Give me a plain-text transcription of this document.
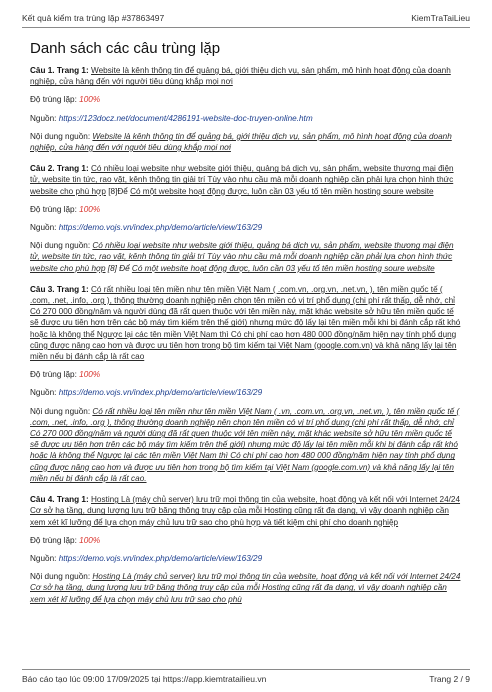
Kết quả kiểm tra trùng lặp #37863497	KiemTraTaiLieu
Danh sách các câu trùng lặp

Câu 1. Trang 1: Website là kênh thông tin để quảng bá, giới thiệu dịch vụ, sản phẩm, mô hình hoạt động của doanh nghiệp, cửa hàng đến với người tiêu dùng khắp mọi nơi

Độ trùng lặp: 100%

Nguồn: https://123docz.net/document/4286191-website-doc-truyen-online.htm

Nội dung nguồn: Website là kênh thông tin để quảng bá, giới thiệu dịch vụ, sản phẩm, mô hình hoạt động của doanh nghiệp, cửa hàng đến với người tiêu dùng khắp mọi nơi

Câu 2. Trang 1: Có nhiều loại website như website giới thiệu, quảng bá dịch vụ, sản phẩm, website thương mại điện tử, website tin tức, rao vặt, kênh thông tin giải trí Tùy vào nhu cầu mà mỗi doanh nghiệp cần phải lựa chọn hình thức website cho phù hợp [8]Để Có một website hoạt động được, luôn cần 03 yếu tố tên miền hosting soure website

Độ trùng lặp: 100%

Nguồn: https://demo.vojs.vn/index.php/demo/article/view/163/29

Nội dung nguồn: Có nhiều loại website như website giới thiệu, quảng bá dịch vụ, sản phẩm, website thương mại điện tử, website tin tức, rao vặt, kênh thông tin giải trí Tùy vào nhu cầu mà mỗi doanh nghiệp cần phải lựa chọn hình thức website cho phù hợp [8] Để Có một website hoạt động được, luôn cần 03 yếu tố tên miền hosting soure website

Câu 3. Trang 1: Có rất nhiều loại tên miền như tên miền Việt Nam ( .com.vn, .org.vn, .net.vn, ), tên miền quốc tế ( .com, .net, .info, .org ), thông thường doanh nghiệp nên chọn tên miền có vị trí phổ dụng (chi phí rất thấp, dễ nhớ, chỉ Có 270 000 đồng/năm và người dùng đã rất quen thuộc với tên miền này, mặt khác website sở hữu tên miền quốc tế sẽ được ưu tiên hơn trên các bộ máy tìm kiếm trên thế giới) nhưng mức độ lấy lại tên miền mỗi khi bị đánh cắp rất khó hoặc là không thể Ngược lại các tên miền Việt Nam thì Có chi phí cao hơn 480 000 đồng/năm hiện nay tính phổ dụng cũng được nâng cao hơn và được ưu tiên hơn trong bộ tìm kiếm tại Việt Nam (google.com.vn) và khả năng lấy lại tên miền nếu bị đánh cắp là rất cao

Độ trùng lặp: 100%

Nguồn: https://demo.vojs.vn/index.php/demo/article/view/163/29

Nội dung nguồn: Có rất nhiều loại tên miền như tên miền Việt Nam ( .vn, .com.vn, .org.vn, .net.vn, ), tên miền quốc tế ( .com, .net, .info, .org ), thông thường doanh nghiệp nên chọn tên miền có vị trí phổ dụng (chi phí rất thấp, dễ nhớ, chỉ Có 270 000 đồng/năm và người dùng đã rất quen thuộc với tên miền này, mặt khác website sở hữu tên miền quốc tế sẽ được ưu tiên hơn trên các bộ máy tìm kiếm trên thế giới) nhưng mức độ lấy lại tên miền mỗi khi bị đánh cắp rất khó hoặc là không thể Ngược lại các tên miền Việt Nam thì Có chi phí cao hơn 480 000 đồng/năm hiện nay tính phổ dụng cũng được nâng cao hơn và được ưu tiên hơn trong bộ tìm kiếm tại Việt Nam (google.com.vn) và khả năng lấy lại tên miền nếu bị đánh cắp là rất cao.

Câu 4. Trang 1: Hosting Là (máy chủ server) lưu trữ mọi thông tin của website, hoạt động và kết nối với Internet 24/24 Cơ sở hạ tầng, dung lượng lưu trữ băng thông truy cập của mỗi Hosting cũng rất đa dạng, vì vậy doanh nghiệp cần xem xét kĩ lưỡng để lựa chọn máy chủ lưu trữ sao cho phù hợp và tiết kiệm chi phí cho doanh nghiệp

Độ trùng lặp: 100%

Nguồn: https://demo.vojs.vn/index.php/demo/article/view/163/29

Nội dung nguồn: Hosting Là (máy chủ server) lưu trữ mọi thông tin của website, hoạt động và kết nối với Internet 24/24 Cơ sở hạ tầng, dung lượng lưu trữ băng thông truy cập của mỗi Hosting cũng rất đa dạng, vì vậy doanh nghiệp cần xem xét kĩ lưỡng để lựa chọn máy chủ lưu trữ sao cho phù

Báo cáo tạo lúc 09:00 17/09/2025 tại https://app.kiemtratailieu.vn	Trang 2 / 9
